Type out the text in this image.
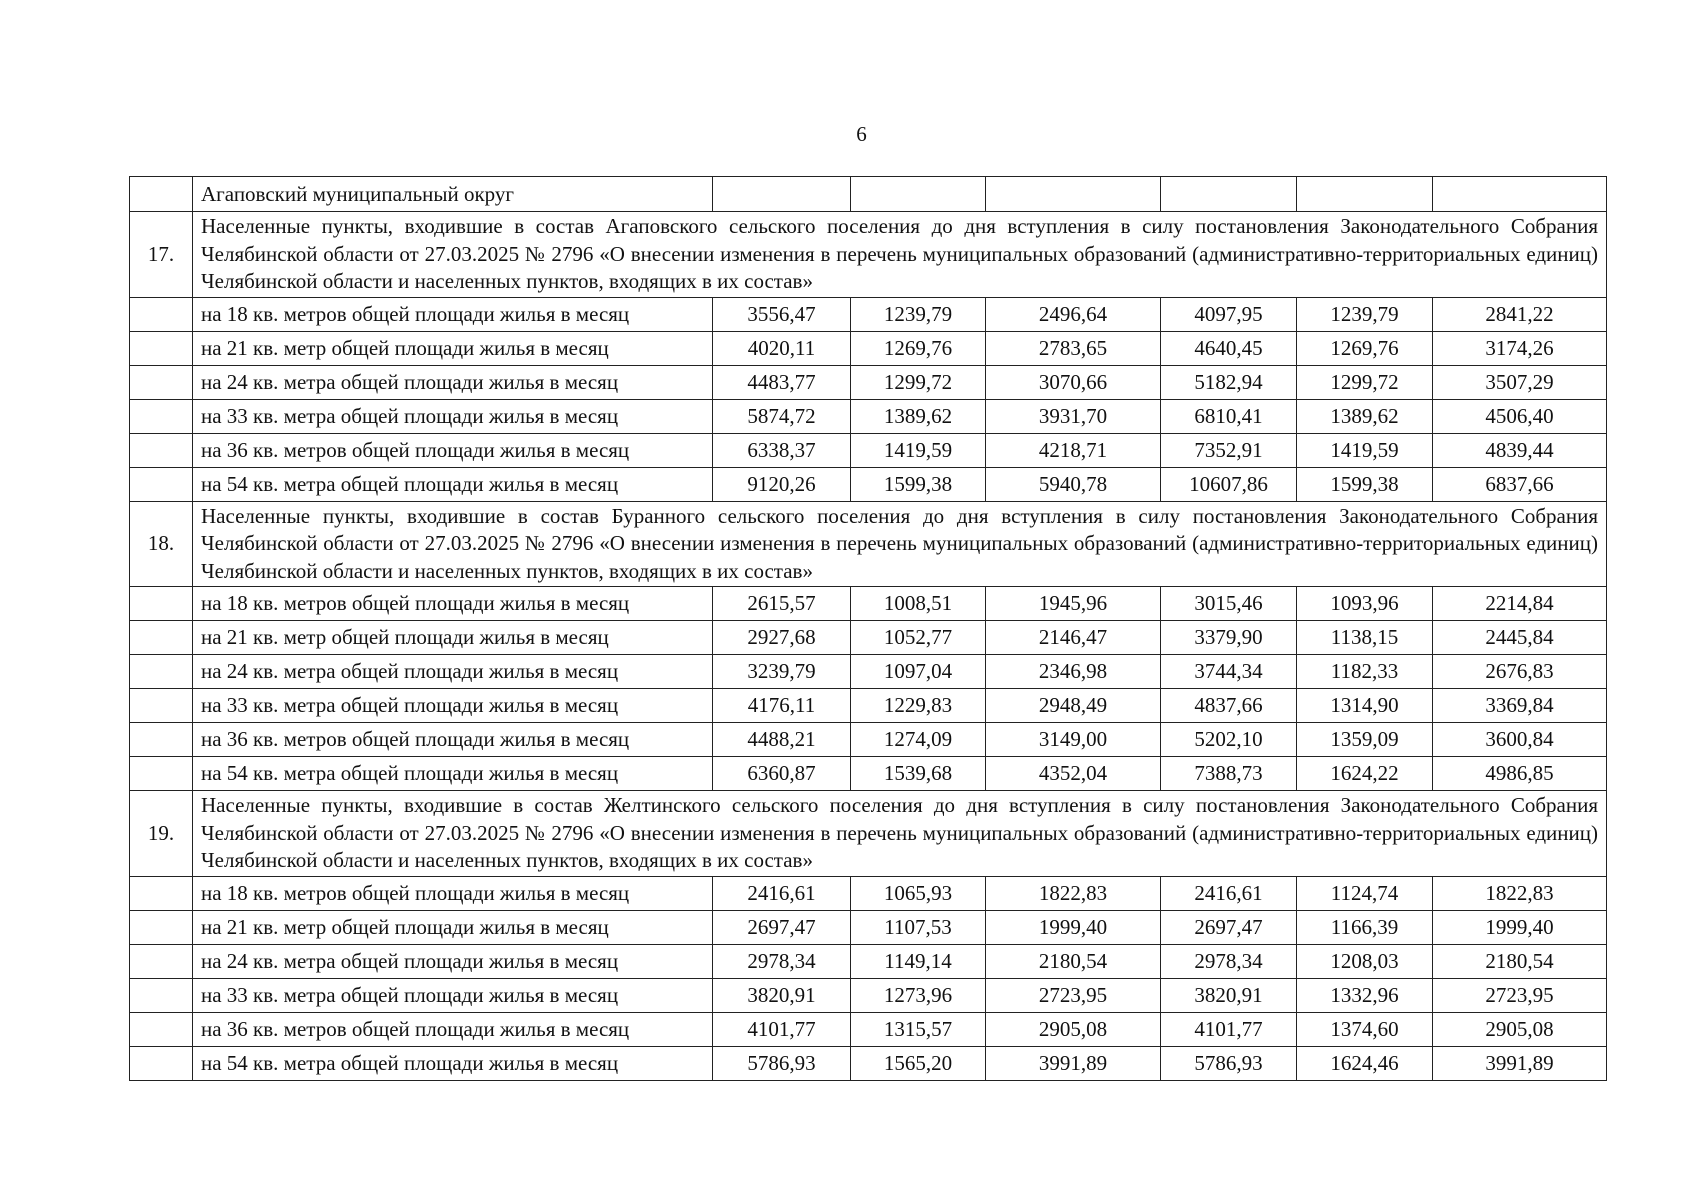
6
	Агаповский муниципальный округ						
17.	Населенные пункты, входившие в состав Агаповского сельского поселения до дня вступления в силу постановления Законодательного Собрания Челябинской области от 27.03.2025 № 2796 «О внесении изменения в перечень муниципальных образований (административно-территориальных единиц) Челябинской области и населенных пунктов, входящих в их состав»						
	на 18 кв. метров общей площади жилья в месяц	3556,47	1239,79	2496,64	4097,95	1239,79	2841,22
	на 21 кв. метр общей площади жилья в месяц	4020,11	1269,76	2783,65	4640,45	1269,76	3174,26
	на 24 кв. метра общей площади жилья в месяц	4483,77	1299,72	3070,66	5182,94	1299,72	3507,29
	на 33 кв. метра общей площади жилья в месяц	5874,72	1389,62	3931,70	6810,41	1389,62	4506,40
	на 36 кв. метров общей площади жилья в месяц	6338,37	1419,59	4218,71	7352,91	1419,59	4839,44
	на 54 кв. метра общей площади жилья в месяц	9120,26	1599,38	5940,78	10607,86	1599,38	6837,66
18.	Населенные пункты, входившие в состав Буранного сельского поселения до дня вступления в силу постановления Законодательного Собрания Челябинской области от 27.03.2025 № 2796 «О внесении изменения в перечень муниципальных образований (административно-территориальных единиц) Челябинской области и населенных пунктов, входящих в их состав»						
	на 18 кв. метров общей площади жилья в месяц	2615,57	1008,51	1945,96	3015,46	1093,96	2214,84
	на 21 кв. метр общей площади жилья в месяц	2927,68	1052,77	2146,47	3379,90	1138,15	2445,84
	на 24 кв. метра общей площади жилья в месяц	3239,79	1097,04	2346,98	3744,34	1182,33	2676,83
	на 33 кв. метра общей площади жилья в месяц	4176,11	1229,83	2948,49	4837,66	1314,90	3369,84
	на 36 кв. метров общей площади жилья в месяц	4488,21	1274,09	3149,00	5202,10	1359,09	3600,84
	на 54 кв. метра общей площади жилья в месяц	6360,87	1539,68	4352,04	7388,73	1624,22	4986,85
19.	Населенные пункты, входившие в состав Желтинского сельского поселения до дня вступления в силу постановления Законодательного Собрания Челябинской области от 27.03.2025 № 2796 «О внесении изменения в перечень муниципальных образований (административно-территориальных единиц) Челябинской области и населенных пунктов, входящих в их состав»						
	на 18 кв. метров общей площади жилья в месяц	2416,61	1065,93	1822,83	2416,61	1124,74	1822,83
	на 21 кв. метр общей площади жилья в месяц	2697,47	1107,53	1999,40	2697,47	1166,39	1999,40
	на 24 кв. метра общей площади жилья в месяц	2978,34	1149,14	2180,54	2978,34	1208,03	2180,54
	на 33 кв. метра общей площади жилья в месяц	3820,91	1273,96	2723,95	3820,91	1332,96	2723,95
	на 36 кв. метров общей площади жилья в месяц	4101,77	1315,57	2905,08	4101,77	1374,60	2905,08
	на 54 кв. метра общей площади жилья в месяц	5786,93	1565,20	3991,89	5786,93	1624,46	3991,89
